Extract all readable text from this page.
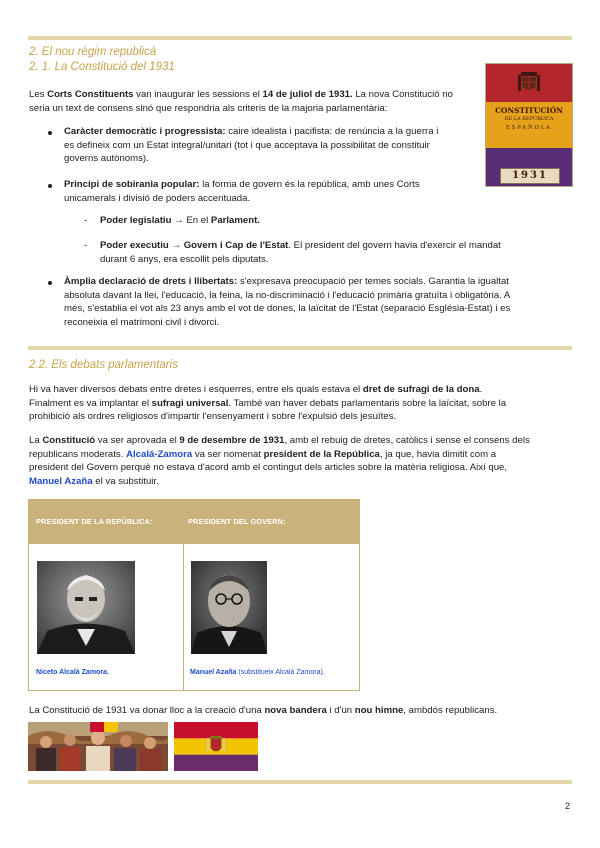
2. El nou règim republicà
2. 1. La Constitució del 1931
Les Corts Constituents van inaugurar les sessions el 14 de juliol de 1931. La nova Constitució no seria un text de consens sinó que respondria als criteris de la majoria parlamentària:	CONSTITUCIÓN
DE LA REPÚBLICA
ESPAÑOLA
1931
Caràcter democràtic i progressista: caire idealista i pacifista: de renúncia a la guerra i
es defineix com un Estat integral/unitari (tot i que acceptava la possibilitat de constituir
governs autònoms).
Principi de sobirania popular: la forma de govern és la república, amb unes Corts
unicamerals i divisió de poders accentuada.
- Poder legislatiu → En el Parlament.
- Poder executiu → Govern i Cap de l'Estat. El president del govern havia d'exercir el mandat
durant 6 anys, era escollit pels diputats.
Àmplia declaració de drets i llibertats: s'expresava preocupació per temes socials. Garantia la igualtat
absoluta davant la llei, l'educació, la feina, la no-discriminació i l'educació primària gratuïta i obligatòria. A
més, s'establia el vot als 23 anys amb el vot de dones, la laïcitat de l'Estat (separació Església-Estat) i es
reconeixia el matrimoni civil i divorci.
2.2. Els debats parlamentaris
Hi va haver diversos debats entre dretes i esquerres, entre els quals estava el dret de sufragi de la dona.
Finalment es va implantar el sufragi universal. També van haver debats parlamentaris sobre la laïcitat, sobre la
prohibició als ordres religiosos d'impartir l'ensenyament i sobre l'expulsió dels jesuïtes.
La Constitució va ser aprovada el 9 de desembre de 1931, amb el rebuig de dretes, catòlics i sense el consens dels
republicans moderats. Alcalá-Zamora va ser nomenat president de la República, ja que, havia dimitit com a
president del Govern perquè no estava d'acord amb el contingut dels articles sobre la matèria religiosa. Així que,
Manuel Azaña el va substituir.
PRESIDENT DE LA REPÚBLICA:	PRESIDENT DEL GOVERN:
Niceto Alcalà Zamora.	Manuel Azaña (substitueix Alcalá Zamora).
La Constitució de 1931 va donar lloc a la creació d'una nova bandera i d'un nou himne, ambdós republicans.
2
